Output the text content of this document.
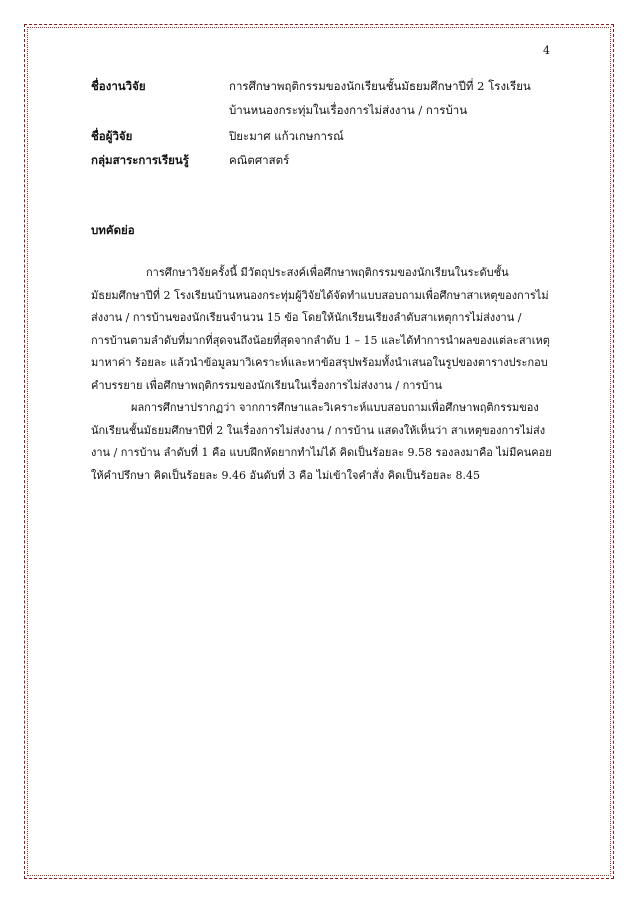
4
ชื่องานวิจัย	การศึกษาพฤติกรรมของนักเรียนชั้นมัธยมศึกษาปีที่ 2 โรงเรียน
บ้านหนองกระทุ่มในเรื่องการไม่ส่งงาน / การบ้าน
ชื่อผู้วิจัย	ปิยะมาศ แก้วเกษการณ์
กลุ่มสาระการเรียนรู้	คณิตศาสตร์
บทคัดย่อ
การศึกษาวิจัยครั้งนี้ มีวัตถุประสงค์เพื่อศึกษาพฤติกรรมของนักเรียนในระดับชั้น
มัธยมศึกษาปีที่ 2 โรงเรียนบ้านหนองกระทุ่มผู้วิจัยได้จัดทำแบบสอบถามเพื่อศึกษาสาเหตุของการไม่
ส่งงาน / การบ้านของนักเรียนจำนวน 15 ข้อ โดยให้นักเรียนเรียงลำดับสาเหตุการไม่ส่งงาน /
การบ้านตามลำดับที่มากที่สุดจนถึงน้อยที่สุดจากลำดับ 1 – 15 และได้ทำการนำผลของแต่ละสาเหตุ
มาหาค่า ร้อยละ แล้วนำข้อมูลมาวิเคราะห์และหาข้อสรุปพร้อมทั้งนำเสนอในรูปของตารางประกอบ
คำบรรยาย เพื่อศึกษาพฤติกรรมของนักเรียนในเรื่องการไม่ส่งงาน / การบ้าน
ผลการศึกษาปรากฏว่า จากการศึกษาและวิเคราะห์แบบสอบถามเพื่อศึกษาพฤติกรรมของ
นักเรียนชั้นมัธยมศึกษาปีที่ 2 ในเรื่องการไม่ส่งงาน / การบ้าน แสดงให้เห็นว่า สาเหตุของการไม่ส่ง
งาน / การบ้าน ลำดับที่ 1 คือ แบบฝึกหัดยากทำไม่ได้ คิดเป็นร้อยละ 9.58 รองลงมาคือ ไม่มีคนคอย
ให้คำปรึกษา คิดเป็นร้อยละ 9.46 อันดับที่ 3 คือ ไม่เข้าใจคำสั่ง คิดเป็นร้อยละ 8.45
